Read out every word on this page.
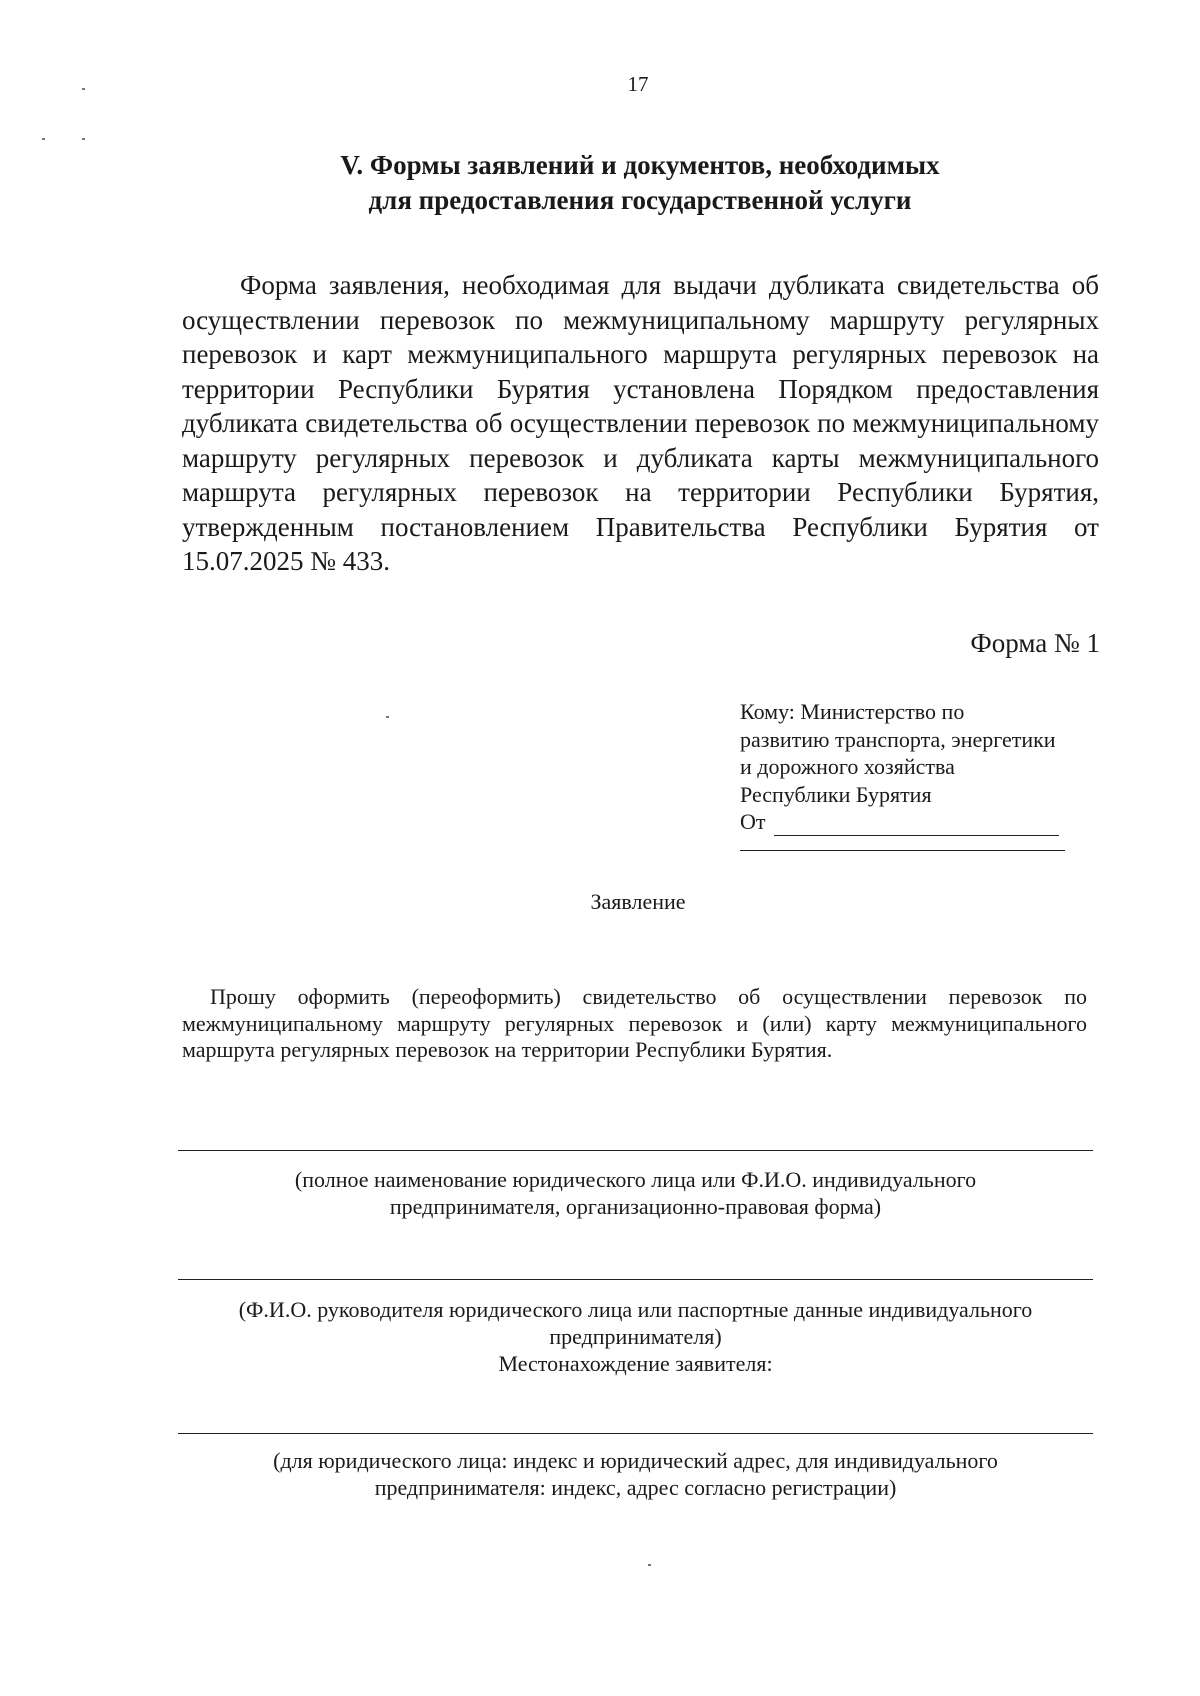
17
V. Формы заявлений и документов, необходимых
для предоставления государственной услуги

Форма заявления, необходимая для выдачи дубликата свидетельства об осуществлении перевозок по межмуниципальному маршруту регулярных перевозок и карт межмуниципального маршрута регулярных перевозок на территории Республики Бурятия установлена Порядком предоставления дубликата свидетельства об осуществлении перевозок по межмуниципальному маршруту регулярных перевозок и дубликата карты межмуниципального маршрута регулярных перевозок на территории Республики Бурятия, утвержденным постановлением Правительства Республики Бурятия от 15.07.2025 № 433.

Форма № 1
Кому: Министерство по
развитию транспорта, энергетики
и дорожного хозяйства
Республики Бурятия
От
Заявление

Прошу оформить (переоформить) свидетельство об осуществлении перевозок по межмуниципальному маршруту регулярных перевозок и (или) карту межмуниципального маршрута регулярных перевозок на территории Республики Бурятия.

(полное наименование юридического лица или Ф.И.О. индивидуального
предпринимателя, организационно-правовая форма)
(Ф.И.О. руководителя юридического лица или паспортные данные индивидуального
предпринимателя)
Местонахождение заявителя:
(для юридического лица: индекс и юридический адрес, для индивидуального
предпринимателя: индекс, адрес согласно регистрации)
